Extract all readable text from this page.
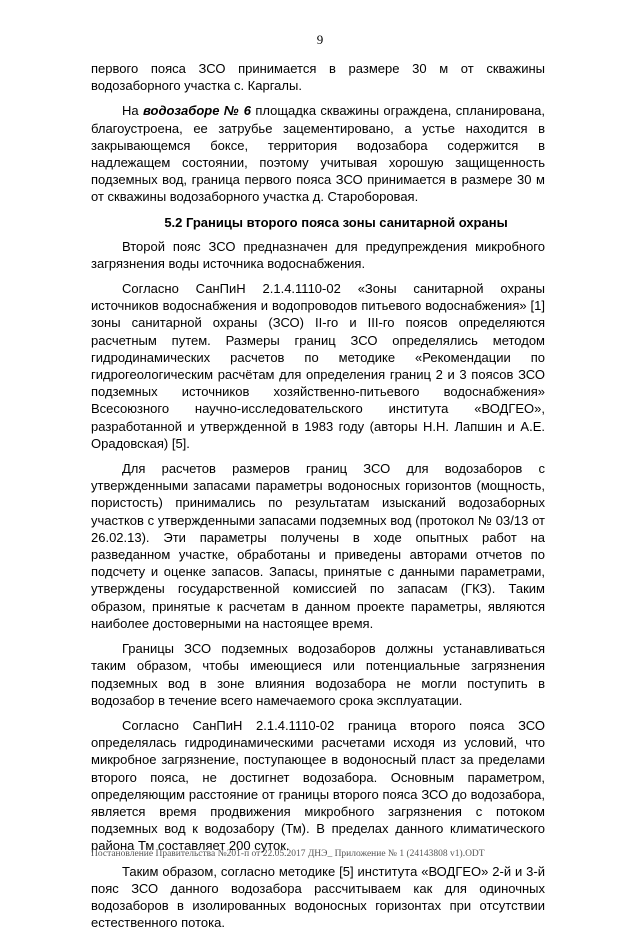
9

первого пояса ЗСО принимается в размере 30 м от скважины водозаборного участка с. Каргалы.

На водозаборе № 6 площадка скважины ограждена, спланирована, благоустроена, ее затрубье зацементировано, а устье находится в закрывающемся боксе, территория водозабора содержится в надлежащем состоянии, поэтому учитывая хорошую защищенность подземных вод, граница первого пояса ЗСО принимается в размере 30 м от скважины водозаборного участка д. Староборовая.

5.2 Границы второго пояса зоны санитарной охраны

Второй пояс ЗСО предназначен для предупреждения микробного загрязнения воды источника водоснабжения.

Согласно СанПиН 2.1.4.1110-02 «Зоны санитарной охраны источников водоснабжения и водопроводов питьевого водоснабжения» [1] зоны санитарной охраны (ЗСО) II-го и III-го поясов определяются расчетным путем. Размеры границ ЗСО определялись методом гидродинамических расчетов по методике «Рекомендации по гидрогеологическим расчётам для определения границ 2 и 3 поясов ЗСО подземных источников хозяйственно-питьевого водоснабжения» Всесоюзного научно-исследовательского института «ВОДГЕО», разработанной и утвержденной в 1983 году (авторы Н.Н. Лапшин и А.Е. Орадовская) [5].

Для расчетов размеров границ ЗСО для водозаборов с утвержденными запасами параметры водоносных горизонтов (мощность, пористость) принимались по результатам изысканий водозаборных участков с утвержденными запасами подземных вод (протокол № 03/13 от 26.02.13). Эти параметры получены в ходе опытных работ на разведанном участке, обработаны и приведены авторами отчетов по подсчету и оценке запасов. Запасы, принятые с данными параметрами, утверждены государственной комиссией по запасам (ГКЗ). Таким образом, принятые к расчетам в данном проекте параметры, являются наиболее достоверными на настоящее время.

Границы ЗСО подземных водозаборов должны устанавливаться таким образом, чтобы имеющиеся или потенциальные загрязнения подземных вод в зоне влияния водозабора не могли поступить в водозабор в течение всего намечаемого срока эксплуатации.

Согласно СанПиН 2.1.4.1110-02 граница второго пояса ЗСО определялась гидродинамическими расчетами исходя из условий, что микробное загрязнение, поступающее в водоносный пласт за пределами второго пояса, не достигнет водозабора. Основным параметром, определяющим расстояние от границы второго пояса ЗСО до водозабора, является время продвижения микробного загрязнения с потоком подземных вод к водозабору (Тм). В пределах данного климатического района Тм составляет 200 суток.

Таким образом, согласно методике [5] института «ВОДГЕО» 2-й и 3-й пояс ЗСО данного водозабора рассчитываем как для одиночных водозаборов в изолированных водоносных горизонтах при отсутствии естественного потока.

Постановление Правительства №201-п от 22.05.2017 ДНЭ_ Приложение № 1 (24143808 v1).ODT
